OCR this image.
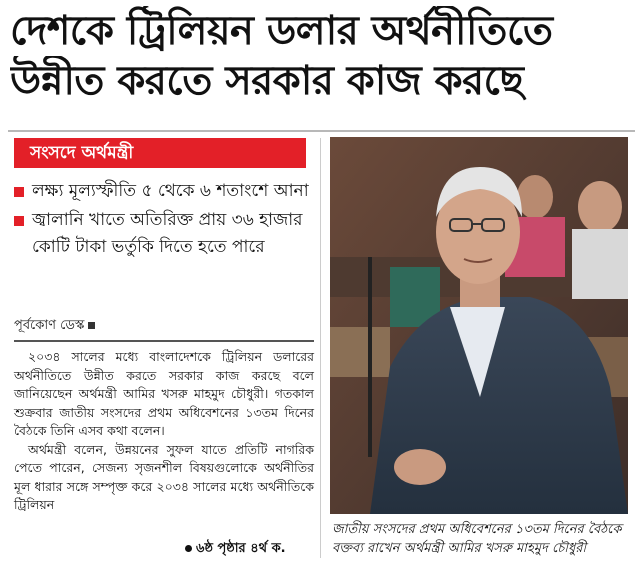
দেশকে ট্রিলিয়ন ডলার অর্থনীতিতে
উন্নীত করতে সরকার কাজ করছে
সংসদে অর্থমন্ত্রী
লক্ষ্য মূল্যস্ফীতি ৫ থেকে ৬ শতাংশে আনা
জ্বালানি খাতে অতিরিক্ত প্রায় ৩৬ হাজার কোটি টাকা ভর্তুকি দিতে হতে পারে
পূর্বকোণ ডেস্ক

২০৩৪ সালের মধ্যে বাংলাদেশকে ট্রিলিয়ন ডলারের অর্থনীতিতে উন্নীত করতে সরকার কাজ করছে বলে জানিয়েছেন অর্থমন্ত্রী আমির খসরু মাহমুদ চৌধুরী। গতকাল শুক্রবার জাতীয় সংসদের প্রথম অধিবেশনের ১৩তম দিনের বৈঠকে তিনি এসব কথা বলেন।

অর্থমন্ত্রী বলেন, উন্নয়নের সুফল যাতে প্রতিটি নাগরিক পেতে পারেন, সেজন্য সৃজনশীল বিষয়গুলোকে অর্থনীতির মূল ধারার সঙ্গে সম্পৃক্ত করে ২০৩৪ সালের মধ্যে অর্থনীতিকে ট্রিলিয়ন

৬ষ্ঠ পৃষ্ঠার ৪র্থ ক.
জাতীয় সংসদের প্রথম অধিবেশনের ১৩তম দিনের বৈঠকে বক্তব্য রাখেন অর্থমন্ত্রী আমির খসরু মাহমুদ চৌধুরী
